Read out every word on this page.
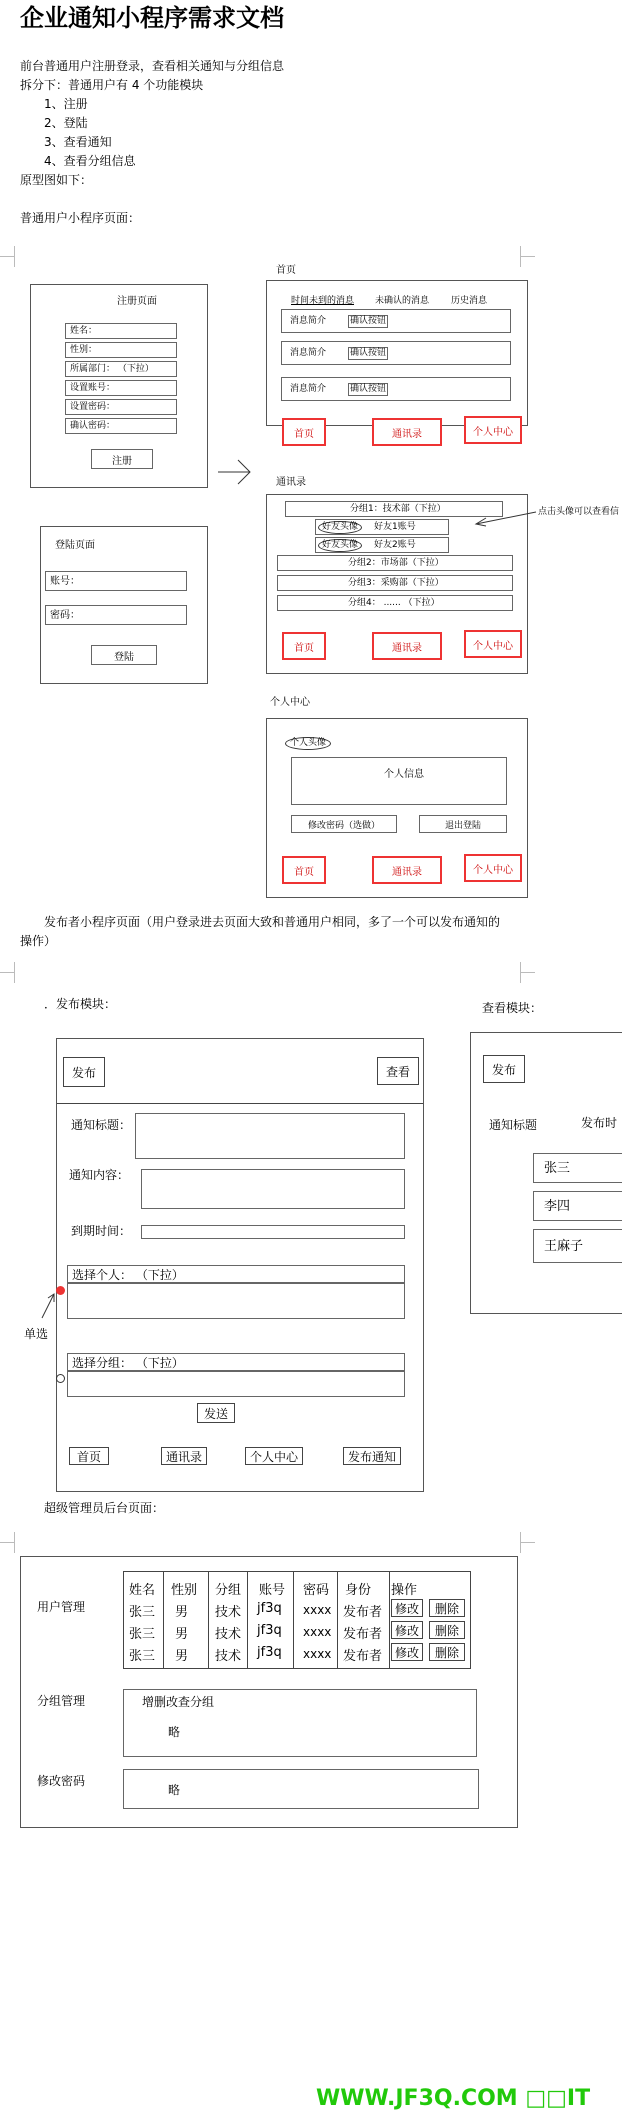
企业通知小程序需求文档
前台普通用户注册登录，查看相关通知与分组信息
拆分下：普通用户有 4 个功能模块
1、注册
2、登陆
3、查看通知
4、查看分组信息
原型图如下：
普通用户小程序页面：
注册页面
姓名：
性别：
所属部门： （下拉）
设置账号：
设置密码：
确认密码：
注册
登陆页面
账号：
密码：
登陆
首页
时间未到的消息 未确认的消息 历史消息
消息简介	确认按钮
消息简介	确认按钮
消息简介	确认按钮
首页	通讯录	个人中心
通讯录
分组1：技术部（下拉）
好友头像	好友1账号
好友头像	好友2账号
分组2：市场部（下拉）
分组3：采购部（下拉）
分组4： ...... （下拉）
首页	通讯录	个人中心
点击头像可以查看信
个人中心
个人头像
个人信息
修改密码（选做）	退出登陆
首页	通讯录	个人中心
发布者小程序页面（用户登录进去页面大致和普通用户相同，多了一个可以发布通知的
操作）
．发布模块：	查看模块：
发布	查看
通知标题：
通知内容：
到期时间：
选择个人： （下拉）
选择分组： （下拉）
发送
首页	通讯录	个人中心	发布通知
单选
发布
通知标题	发布时
张三
李四
王麻子
超级管理员后台页面：
用户管理
姓名 性别 分组 账号 密码 身份 操作
张三 男 技术 jf3q xxxx 发布者	修改	删除
张三 男 技术 jf3q xxxx 发布者	修改	删除
张三 男 技术 jf3q xxxx 发布者	修改	删除
分组管理	增删改查分组
略
修改密码
略
WWW.JF3Q.COM □□IT
